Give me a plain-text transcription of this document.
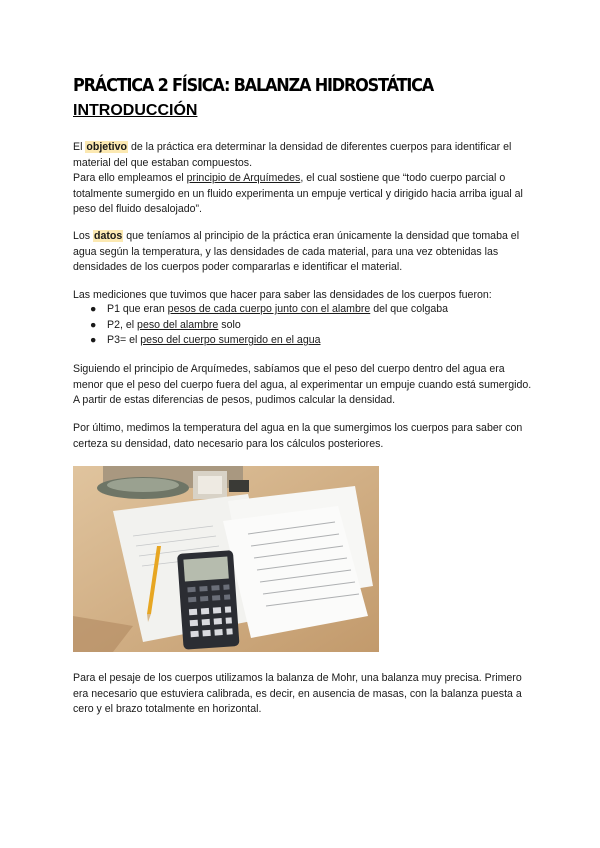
PRÁCTICA 2 FÍSICA: BALANZA HIDROSTÁTICA
INTRODUCCIÓN

El objetivo de la práctica era determinar la densidad de diferentes cuerpos para identificar el material del que estaban compuestos.
Para ello empleamos el principio de Arquímedes, el cual sostiene que “todo cuerpo parcial o totalmente sumergido en un fluido experimenta un empuje vertical y dirigido hacia arriba igual al peso del fluido desalojado”.

Los datos que teníamos al principio de la práctica eran únicamente la densidad que tomaba el agua según la temperatura, y las densidades de cada material, para una vez obtenidas las densidades de los cuerpos poder compararlas e identificar el material.

Las mediciones que tuvimos que hacer para saber las densidades de los cuerpos fueron:

● P1 que eran pesos de cada cuerpo junto con el alambre del que colgaba
● P2, el peso del alambre solo
● P3= el peso del cuerpo sumergido en el agua

Siguiendo el principio de Arquímedes, sabíamos que el peso del cuerpo dentro del agua era menor que el peso del cuerpo fuera del agua, al experimentar un empuje cuando está sumergido. A partir de estas diferencias de pesos, pudimos calcular la densidad.

Por último, medimos la temperatura del agua en la que sumergimos los cuerpos para saber con certeza su densidad, dato necesario para los cálculos posteriores.

Para el pesaje de los cuerpos utilizamos la balanza de Mohr, una balanza muy precisa. Primero era necesario que estuviera calibrada, es decir, en ausencia de masas, con la balanza puesta a cero y el brazo totalmente en horizontal.
